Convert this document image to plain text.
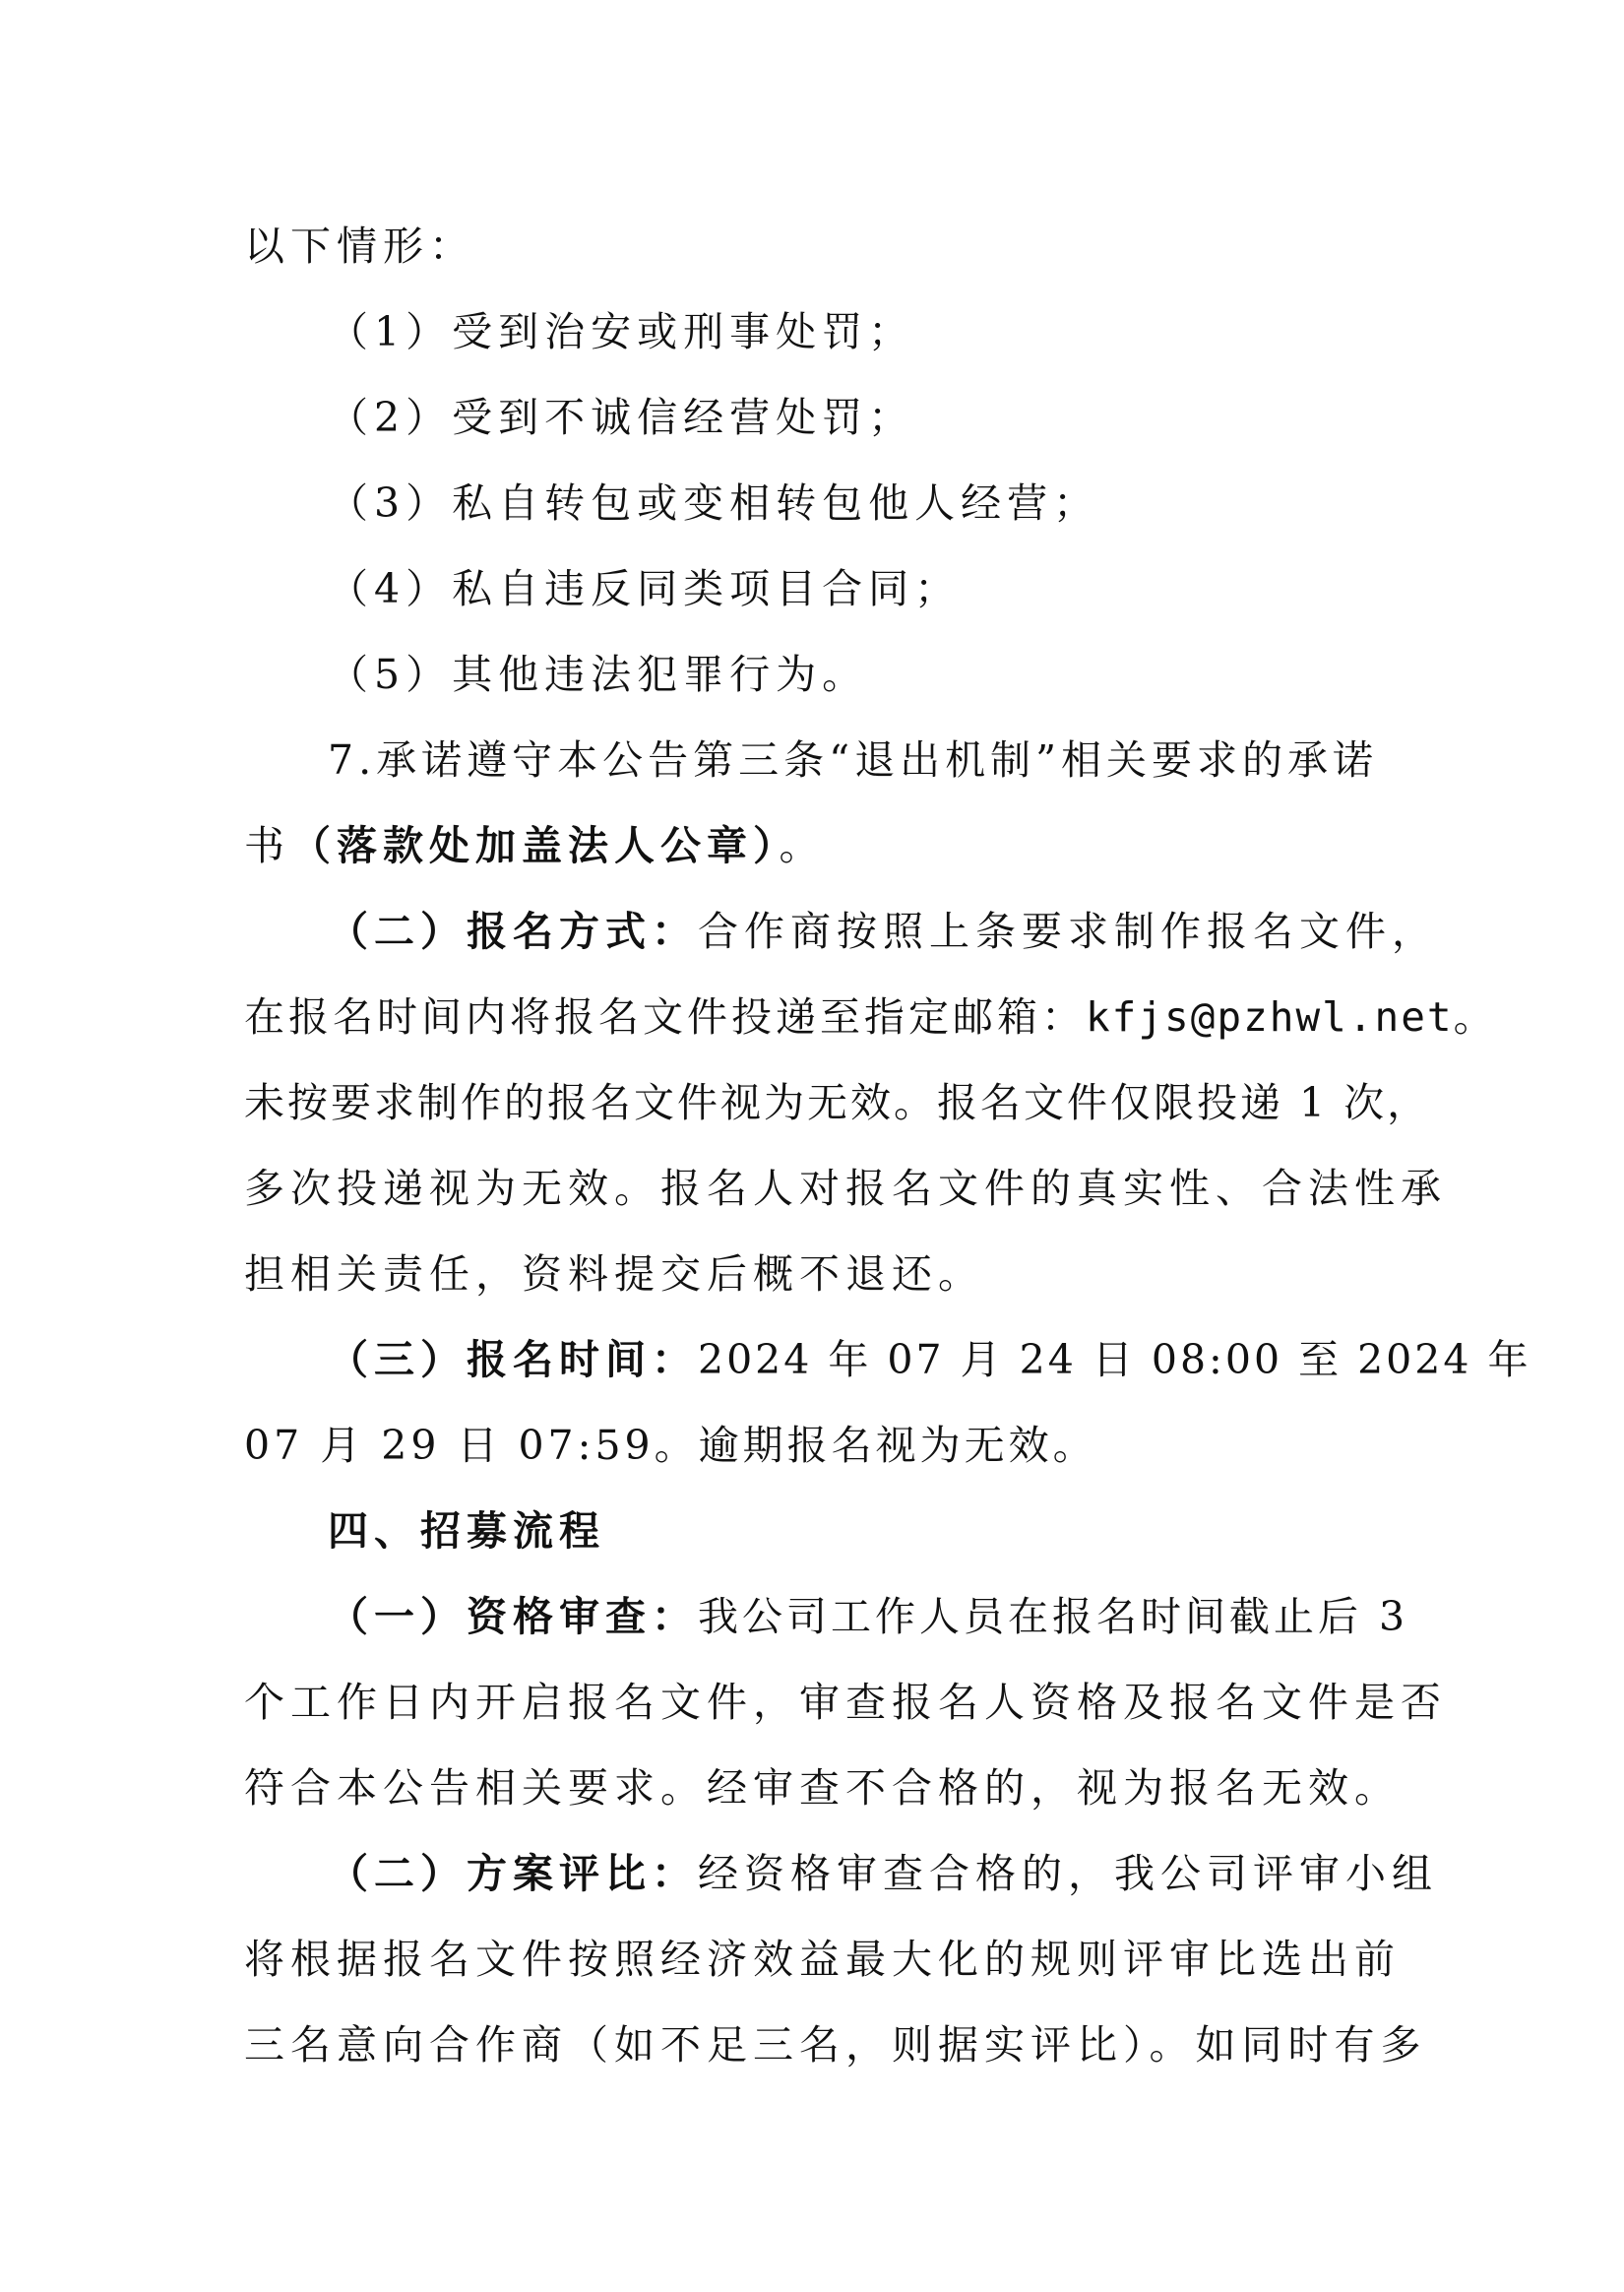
以下情形：
（1）受到治安或刑事处罚；
（2）受到不诚信经营处罚；
（3）私自转包或变相转包他人经营；
（4）私自违反同类项目合同；
（5）其他违法犯罪行为。
7.承诺遵守本公告第三条“退出机制”相关要求的承诺
书（落款处加盖法人公章）。
（二）报名方式：合作商按照上条要求制作报名文件，
在报名时间内将报名文件投递至指定邮箱：kfjs@pzhwl.net。
未按要求制作的报名文件视为无效。报名文件仅限投递 1 次，
多次投递视为无效。报名人对报名文件的真实性、合法性承
担相关责任，资料提交后概不退还。
（三）报名时间：2024 年 07 月 24 日 08:00 至 2024 年
07 月 29 日 07:59。逾期报名视为无效。
四、招募流程
（一）资格审查：我公司工作人员在报名时间截止后 3
个工作日内开启报名文件，审查报名人资格及报名文件是否
符合本公告相关要求。经审查不合格的，视为报名无效。
（二）方案评比：经资格审查合格的，我公司评审小组
将根据报名文件按照经济效益最大化的规则评审比选出前
三名意向合作商（如不足三名，则据实评比）。如同时有多
